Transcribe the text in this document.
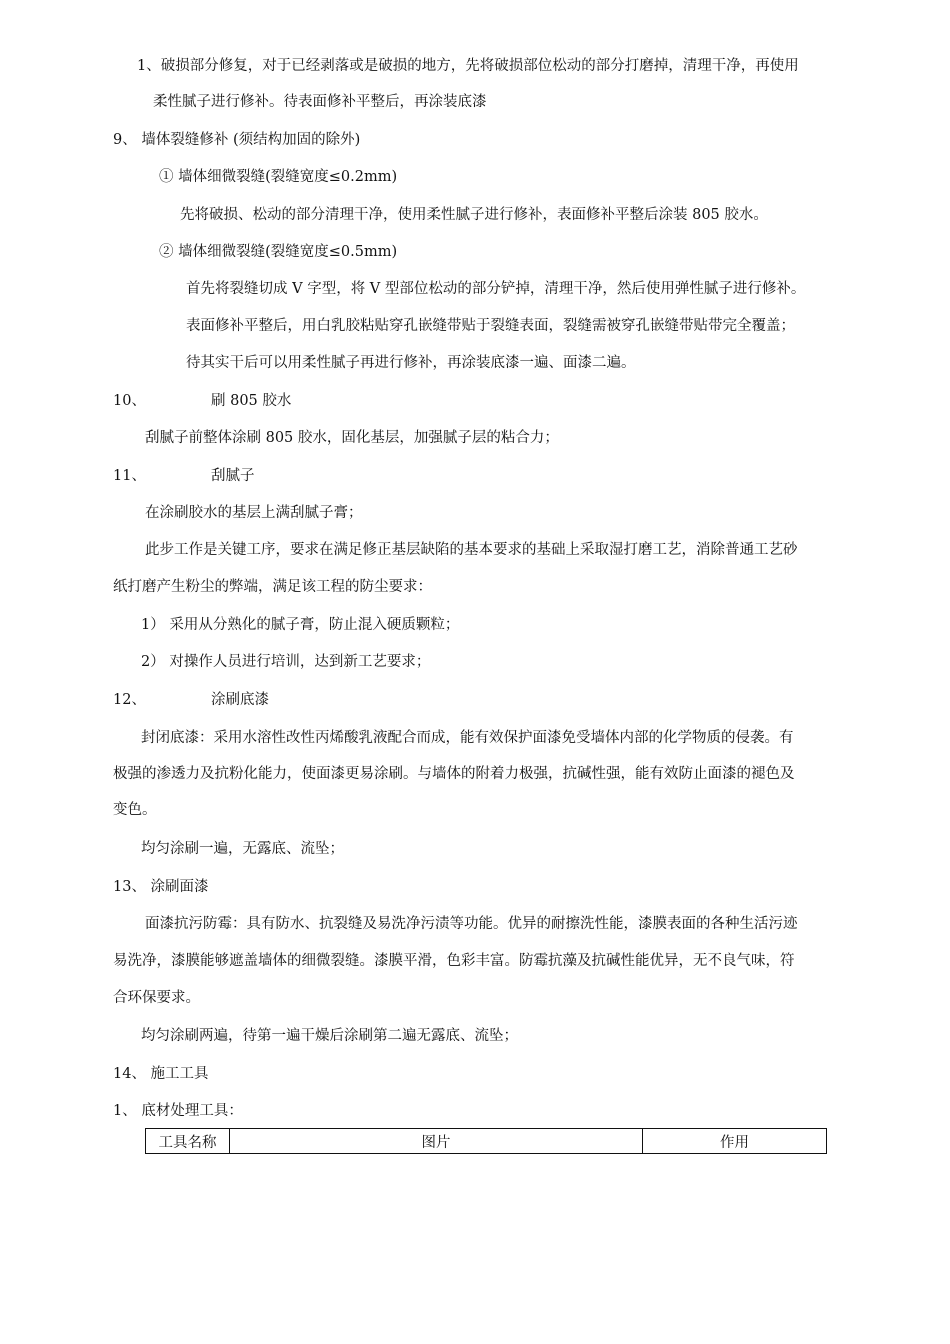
1、破损部分修复，对于已经剥落或是破损的地方，先将破损部位松动的部分打磨掉，清理干净，再使用
柔性腻子进行修补。待表面修补平整后，再涂装底漆
9、 墙体裂缝修补 (须结构加固的除外)
① 墙体细微裂缝(裂缝宽度≤0.2mm)
先将破损、松动的部分清理干净，使用柔性腻子进行修补，表面修补平整后涂装 805 胶水。
② 墙体细微裂缝(裂缝宽度≤0.5mm)
首先将裂缝切成 V 字型，将 V 型部位松动的部分铲掉，清理干净，然后使用弹性腻子进行修补。
表面修补平整后，用白乳胶粘贴穿孔嵌缝带贴于裂缝表面，裂缝需被穿孔嵌缝带贴带完全覆盖；
待其实干后可以用柔性腻子再进行修补，再涂装底漆一遍、面漆二遍。
10、	刷 805 胶水
刮腻子前整体涂刷 805 胶水，固化基层，加强腻子层的粘合力；
11、	刮腻子
在涂刷胶水的基层上满刮腻子膏；
此步工作是关键工序，要求在满足修正基层缺陷的基本要求的基础上采取湿打磨工艺，消除普通工艺砂
纸打磨产生粉尘的弊端，满足该工程的防尘要求：
1） 采用从分熟化的腻子膏，防止混入硬质颗粒；
2） 对操作人员进行培训，达到新工艺要求；
12、	涂刷底漆
封闭底漆：采用水溶性改性丙烯酸乳液配合而成，能有效保护面漆免受墙体内部的化学物质的侵袭。有
极强的渗透力及抗粉化能力，使面漆更易涂刷。与墙体的附着力极强，抗碱性强，能有效防止面漆的褪色及
变色。
均匀涂刷一遍，无露底、流坠；
13、 涂刷面漆
面漆抗污防霉：具有防水、抗裂缝及易洗净污渍等功能。优异的耐擦洗性能，漆膜表面的各种生活污迹
易洗净，漆膜能够遮盖墙体的细微裂缝。漆膜平滑，色彩丰富。防霉抗藻及抗碱性能优异，无不良气味，符
合环保要求。
均匀涂刷两遍，待第一遍干燥后涂刷第二遍无露底、流坠；
14、 施工工具
1、 底材处理工具：
工具名称	图片	作用
